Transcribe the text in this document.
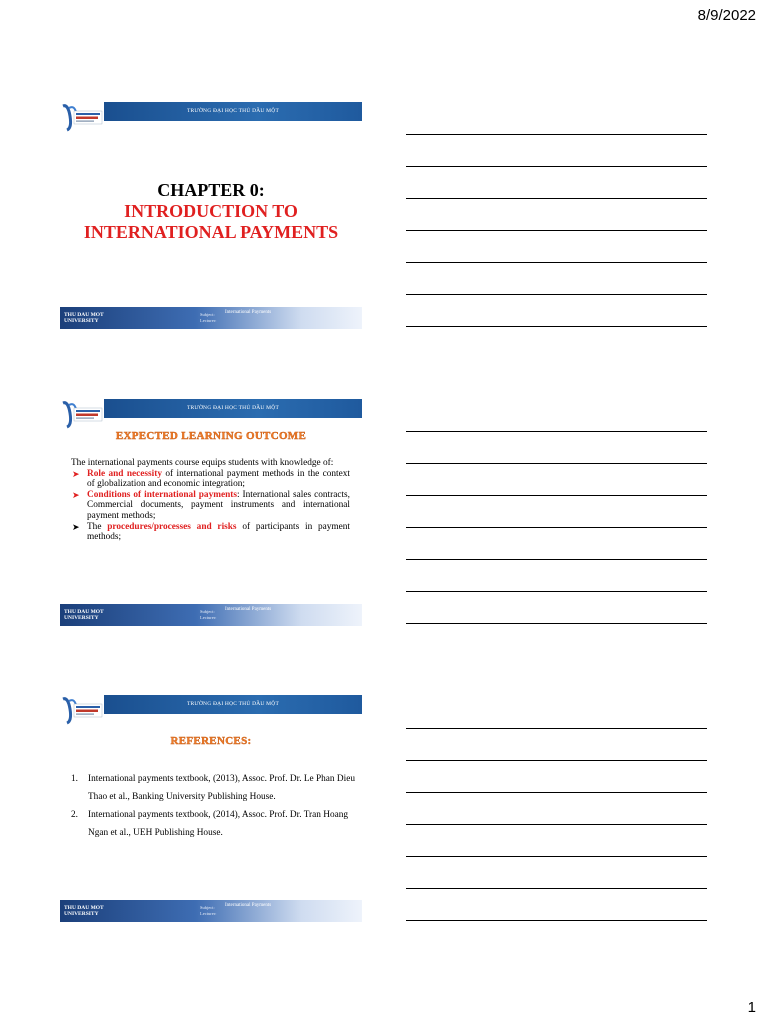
8/9/2022
TRƯỜNG ĐẠI HỌC THỦ DẦU MỘT
CHAPTER 0:
INTRODUCTION TO
INTERNATIONAL PAYMENTS
THU DAU MOT
UNIVERSITY
Subject:
Lecturer:
International Payments
TRƯỜNG ĐẠI HỌC THỦ DẦU MỘT
EXPECTED LEARNING OUTCOME
The international payments course equips students with knowledge of:
➤ Role and necessity of international payment methods in the context of globalization and economic integration;
➤ Conditions of international payments: International sales contracts, Commercial documents, payment instruments and international payment methods;
➤ The procedures/processes and risks of participants in payment methods;
THU DAU MOT
UNIVERSITY
Subject:
Lecturer:
International Payments
TRƯỜNG ĐẠI HỌC THỦ DẦU MỘT
REFERENCES:
1. International payments textbook, (2013), Assoc. Prof. Dr. Le Phan Dieu Thao et al., Banking University Publishing House.
2. International payments textbook, (2014), Assoc. Prof. Dr. Tran Hoang Ngan et al., UEH Publishing House.
THU DAU MOT
UNIVERSITY
Subject:
Lecturer:
International Payments
1
